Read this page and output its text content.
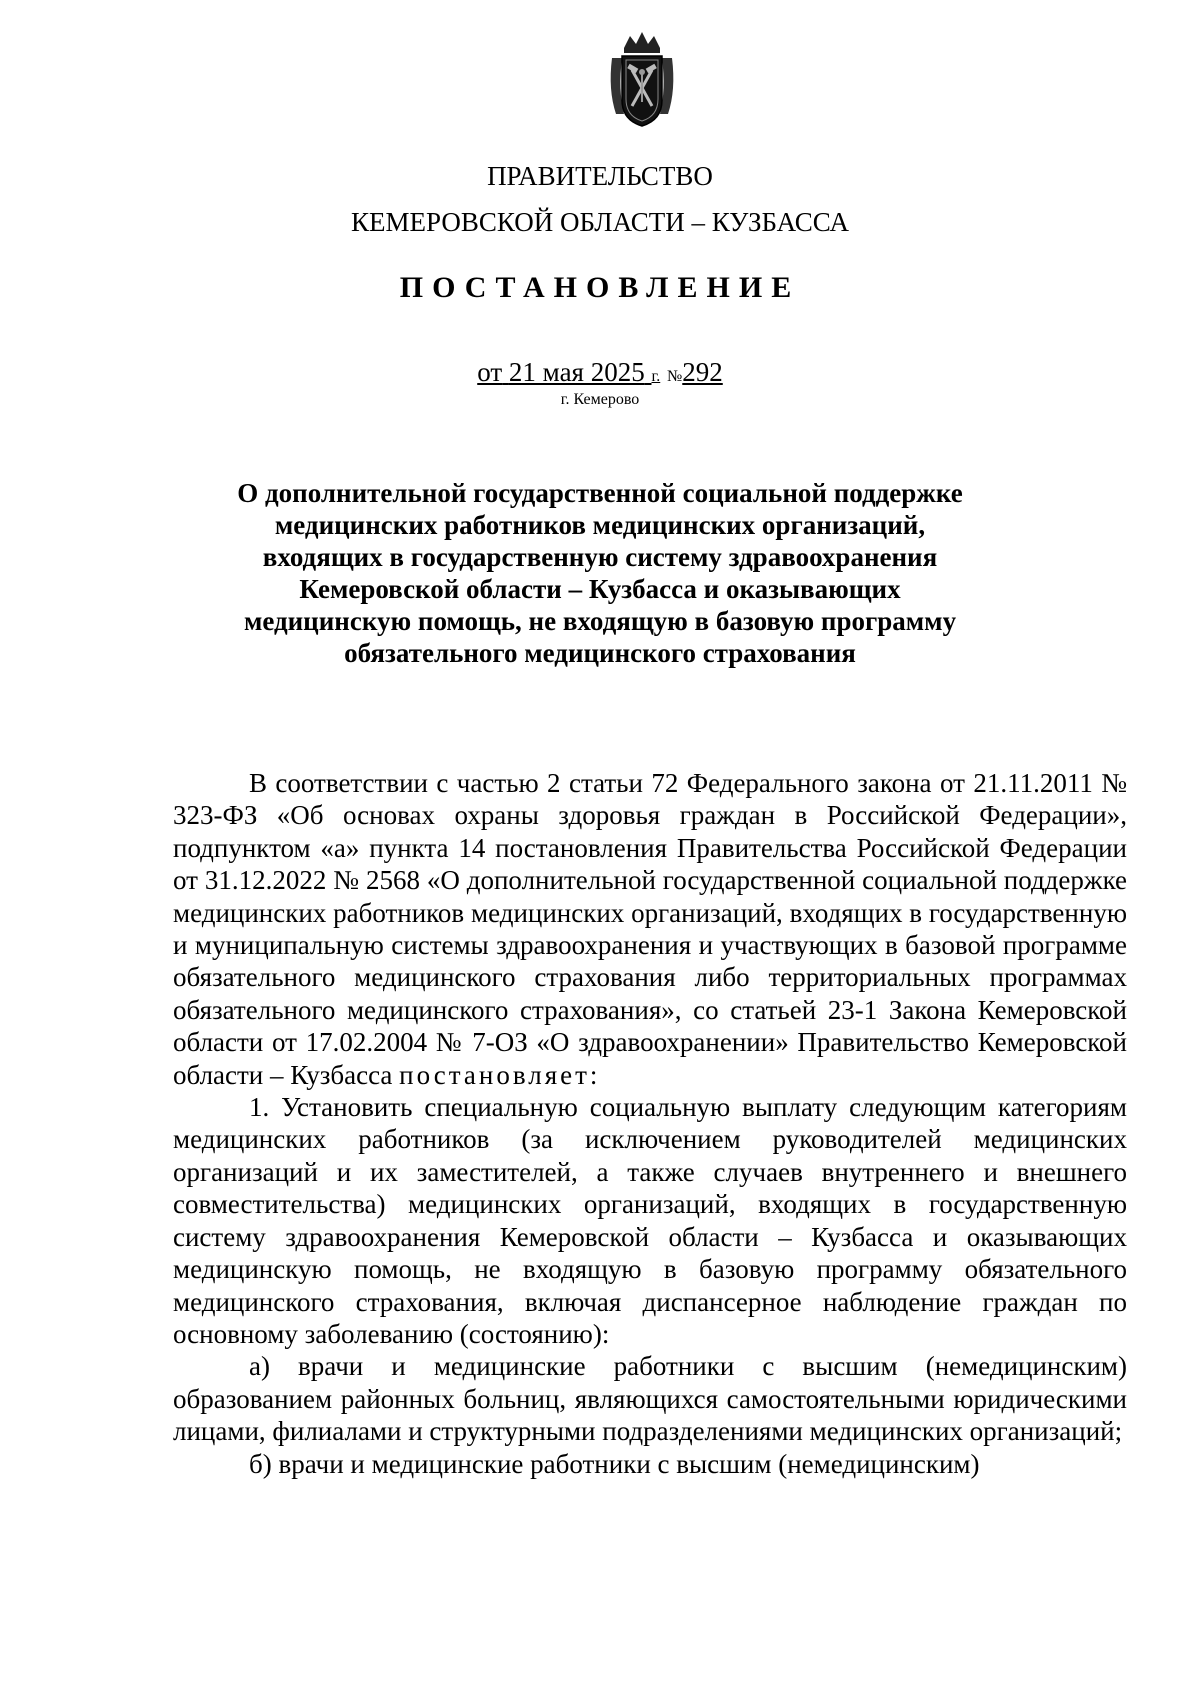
ПРАВИТЕЛЬСТВО
КЕМЕРОВСКОЙ ОБЛАСТИ – КУЗБАССА
ПОСТАНОВЛЕНИЕ
от 21 мая 2025 г. №292
г. Кемерово

О дополнительной государственной социальной поддержке медицинских работников медицинских организаций, входящих в государственную систему здравоохранения Кемеровской области – Кузбасса и оказывающих медицинскую помощь, не входящую в базовую программу обязательного медицинского страхования

В соответствии с частью 2 статьи 72 Федерального закона от 21.11.2011 № 323-ФЗ «Об основах охраны здоровья граждан в Российской Федерации», подпунктом «а» пункта 14 постановления Правительства Российской Федерации от 31.12.2022 № 2568 «О дополнительной государственной социальной поддержке медицинских работников медицинских организаций, входящих в государственную и муниципальную системы здравоохранения и участвующих в базовой программе обязательного медицинского страхования либо территориальных программах обязательного медицинского страхования», со статьей 23-1 Закона Кемеровской области от 17.02.2004 № 7-ОЗ «О здравоохранении» Правительство Кемеровской области – Кузбасса постановляет:

1. Установить специальную социальную выплату следующим категориям медицинских работников (за исключением руководителей медицинских организаций и их заместителей, а также случаев внутреннего и внешнего совместительства) медицинских организаций, входящих в государственную систему здравоохранения Кемеровской области – Кузбасса и оказывающих медицинскую помощь, не входящую в базовую программу обязательного медицинского страхования, включая диспансерное наблюдение граждан по основному заболеванию (состоянию):

а) врачи и медицинские работники с высшим (немедицинским) образованием районных больниц, являющихся самостоятельными юридическими лицами, филиалами и структурными подразделениями медицинских организаций;

б) врачи и медицинские работники с высшим (немедицинским)
